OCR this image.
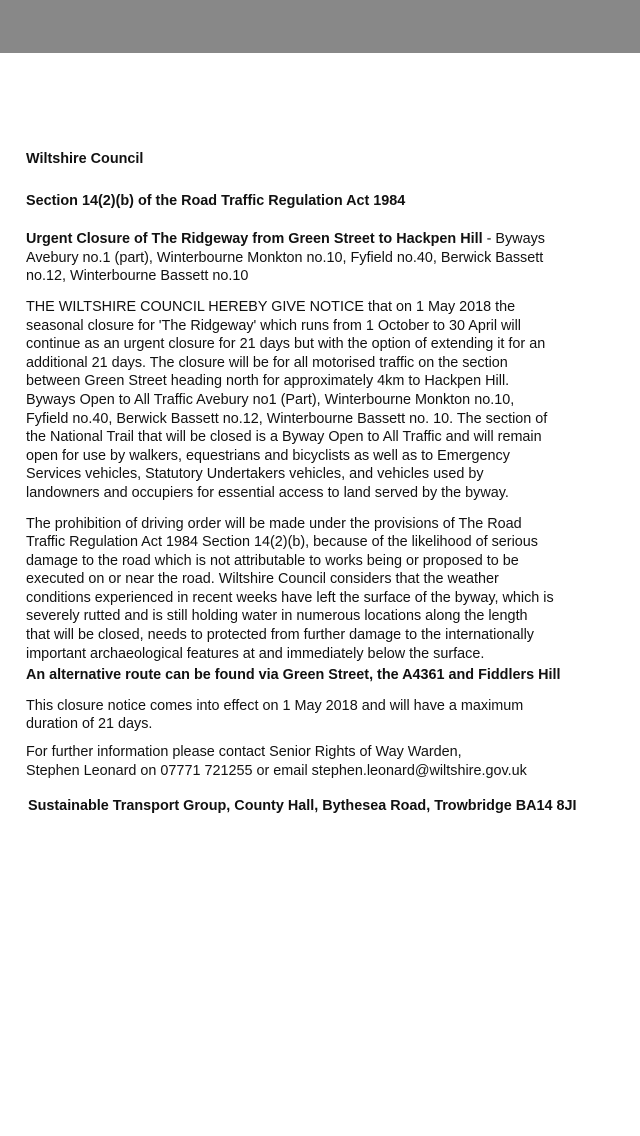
Wiltshire Council

Section 14(2)(b) of the Road Traffic Regulation Act 1984

Urgent Closure of The Ridgeway from Green Street to Hackpen Hill - Byways
Avebury no.1 (part), Winterbourne Monkton no.10, Fyfield no.40, Berwick Bassett
no.12, Winterbourne Bassett no.10
THE WILTSHIRE COUNCIL HEREBY GIVE NOTICE that on 1 May 2018 the
seasonal closure for 'The Ridgeway' which runs from 1 October to 30 April will
continue as an urgent closure for 21 days but with the option of extending it for an
additional 21 days. The closure will be for all motorised traffic on the section
between Green Street heading north for approximately 4km to Hackpen Hill.
Byways Open to All Traffic Avebury no1 (Part), Winterbourne Monkton no.10,
Fyfield no.40, Berwick Bassett no.12, Winterbourne Bassett no. 10. The section of
the National Trail that will be closed is a Byway Open to All Traffic and will remain
open for use by walkers, equestrians and bicyclists as well as to Emergency
Services vehicles, Statutory Undertakers vehicles, and vehicles used by
landowners and occupiers for essential access to land served by the byway.
The prohibition of driving order will be made under the provisions of The Road
Traffic Regulation Act 1984 Section 14(2)(b), because of the likelihood of serious
damage to the road which is not attributable to works being or proposed to be
executed on or near the road. Wiltshire Council considers that the weather
conditions experienced in recent weeks have left the surface of the byway, which is
severely rutted and is still holding water in numerous locations along the length
that will be closed, needs to protected from further damage to the internationally
important archaeological features at and immediately below the surface.

An alternative route can be found via Green Street, the A4361 and Fiddlers Hill

This closure notice comes into effect on 1 May 2018 and will have a maximum
duration of 21 days.
For further information please contact Senior Rights of Way Warden,
Stephen Leonard on 07771 721255 or email stephen.leonard@wiltshire.gov.uk

Sustainable Transport Group, County Hall, Bythesea Road, Trowbridge BA14 8JI
